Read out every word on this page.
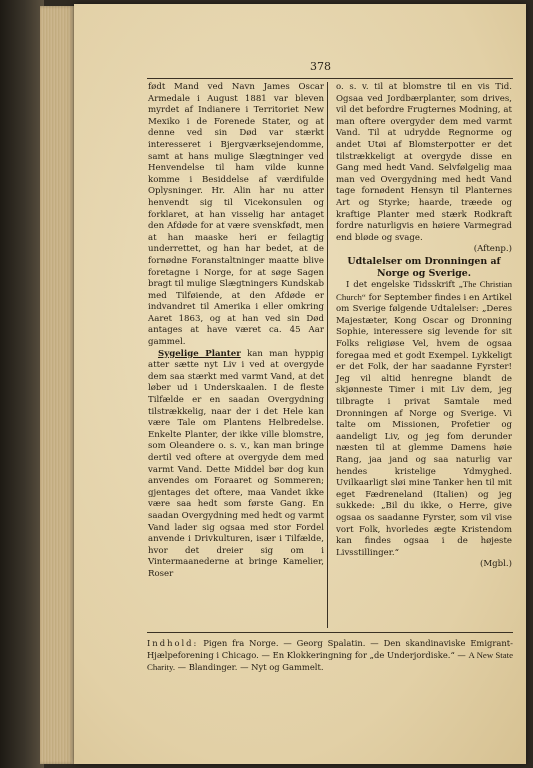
378

født Mand ved Navn James Oscar Armedale i August 1881 var bleven myrdet af Indianere i Territoriet New Mexiko i de Forenede Stater, og at denne ved sin Død var stærkt interesseret i Bjergværksejendomme, samt at hans mulige Slægtninger ved Henvendelse til ham vilde kunne komme i Besiddelse af værdifulde Oplysninger. Hr. Alin har nu atter henvendt sig til Vicekonsulen og forklaret, at han visselig har antaget den Afdøde for at være svenskfødt, men at han maaske heri er feilagtig underrettet, og han har bedet, at de fornødne Foranstaltninger maatte blive foretagne i Norge, for at søge Sagen bragt til mulige Slægtningers Kundskab med Tilføiende, at den Afdøde er indvandret til Amerika i eller omkring Aaret 1863, og at han ved sin Død antages at have været ca. 45 Aar gammel.

Syge̲lige Planter kan man hyppig atter sætte nyt Liv i ved at overgyde dem saa stærkt med varmt Vand, at det løber ud i Underskaalen. I de fleste Tilfælde er en saadan Overgydning tilstrækkelig, naar der i det Hele kan være Tale om Plantens Helbredelse. Enkelte Planter, der ikke ville blomstre, som Oleandere o. s. v., kan man bringe dertil ved oftere at overgyde dem med varmt Vand. Dette Middel bør dog kun anvendes om Foraaret og Sommeren; gjentages det oftere, maa Vandet ikke være saa hedt som første Gang. En saadan Overgydning med hedt og varmt Vand lader sig ogsaa med stor Fordel anvende i Drivkulturen, især i Tilfælde, hvor det dreier sig om i Vintermaanederne at bringe Kamelier, Roser

o. s. v. til at blomstre til en vis Tid. Ogsaa ved Jordbærplanter, som drives, vil det befordre Frugternes Modning, at man oftere overgyder dem med varmt Vand. Til at udrydde Regnorme og andet Utøi af Blomsterpotter er det tilstrækkeligt at overgyde disse en Gang med hedt Vand. Selvfølgelig maa man ved Overgydning med hedt Vand tage fornødent Hensyn til Planternes Art og Styrke; haarde, træede og kraftige Planter med stærk Rodkraft fordre naturligvis en høiere Varmegrad end bløde og svage.
(Aftenp.)

Udtalelser om Dronningen af Norge og Sverige.

I det engelske Tidsskrift „The Christian Church“ for September findes i en Artikel om Sverige følgende Udtalelser: „Deres Majestæter, Kong Oscar og Dronning Sophie, interessere sig levende for sit Folks religiøse Vel, hvem de ogsaa foregaa med et godt Exempel. Lykkeligt er det Folk, der har saadanne Fyrster! Jeg vil altid henregne blandt de skjønneste Timer i mit Liv dem, jeg tilbragte i privat Samtale med Dronningen af Norge og Sverige. Vi talte om Missionen, Profetier og aandeligt Liv, og jeg fom derunder næsten til at glemme Damens høie Rang, jaa jand og saa naturlig var hendes kristelige Ydmyghed. Uvilkaarligt sløi mine Tanker hen til mit eget Fædreneland (Italien) og jeg sukkede: „Bil du ikke, o Herre, give ogsaa os saadanne Fyrster, som vil vise vort Folk, hvorledes ægte Kristendom kan findes ogsaa i de højeste Livsstillinger.“
(Mgbl.)

Indhold: Pigen fra Norge. — Georg Spalatin. — Den skandinaviske Emigrant-Hjælpeforening i Chicago. — En Klokkeringning for „de Underjordiske.“ — A New State Charity. — Blandinger. — Nyt og Gammelt.
